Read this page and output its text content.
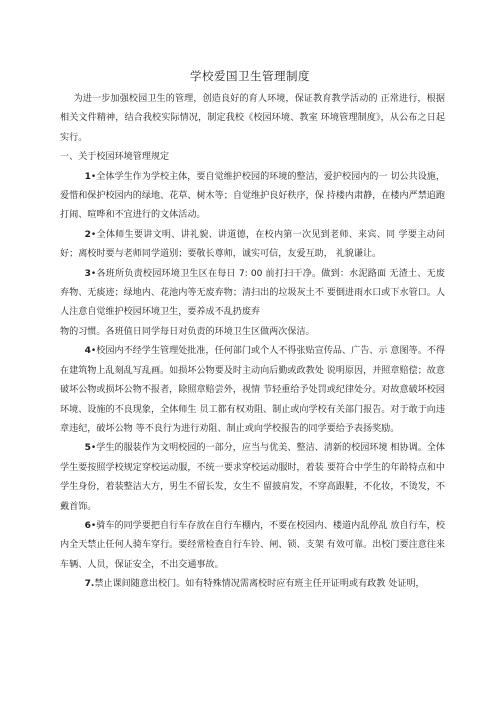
学校爱国卫生管理制度

为进一步加强校园卫生的管理，创造良好的育人环境，保证教育教学活动的 正常进行，根据相关文件精神，结合我校实际情况，制定我校《校园环境、教室 环境管理制度》，从公布之日起实行。

一、关于校园环境管理规定

1•全体学生作为学校主体，要自觉维护校园的环境的整洁，爱护校园内的一 切公共设施，爱惜和保护校园内的绿地、花草、树木等；自觉维护良好秩序，保 持楼内肃静，在楼内严禁追跑打闹、喧哗和不宜进行的文体活动。

2•全体师生要讲文明、讲礼貌、讲道德，在校内第一次见到老师、来宾、同 学要主动问好；离校时要与老师同学道别；要敬长尊师，诚实可信，友爱互助， 礼貌谦让。

3•各班所负责校园环境卫生区在每日 7: 00 前打扫干净。做到：水泥路面 无渣土、无废弃物、无痰迹；绿地内、花池内等无废弃物；清扫出的垃圾灰土不 要倒进雨水口或下水管口。人人注意自觉维护校园环境卫生，要养成不乱扔废弃

物的习惯。各班值日同学每日对负责的环境卫生区做两次保洁。

4•校园内不经学生管理处批准，任何部门或个人不得张贴宣传品、广告、示 意图等。不得在建筑物上乱刻乱写乱画。如损坏公物要及时主动向后勤或政教处 说明原因，并照章赔偿；故意破坏公物或损坏公物不报者，除照章赔尝外，视情 节轻重给予处罚或纪律处分。对故意破坏校园环境、设施的不良现象，全体师生 员工都有权劝阻、制止或向学校有关部门报告。对于敢于向违章违纪，破坏公物 等不良行为进行劝阻、制止或向学校报告的同学要给予表扬奖励。

5•学生的服装作为文明校园的一部分，应当与优美、整洁、清新的校园环境 相协调。全体学生要按照学校规定穿校运动服，不统一要求穿校运动服时，着装 要符合中学生的年龄特点和中学生身份，着装整洁大方，男生不留长发，女生不 留披肩发，不穿高跟鞋，不化妆，不烫发，不戴首饰。

6•骑车的同学要把自行车存放在自行车棚内，不要在校园内、楼道内乱停乱 放自行车，校内全天禁止任何人骑车穿行。要经常检查自行车铃、闸、锁、支架 有效可靠。出校门要注意往来车辆、人员，保证安全，不出交通事故。

7.禁止课间随意出校门。如有特殊情况需离校时应有班主任开证明或有政教 处证明，
